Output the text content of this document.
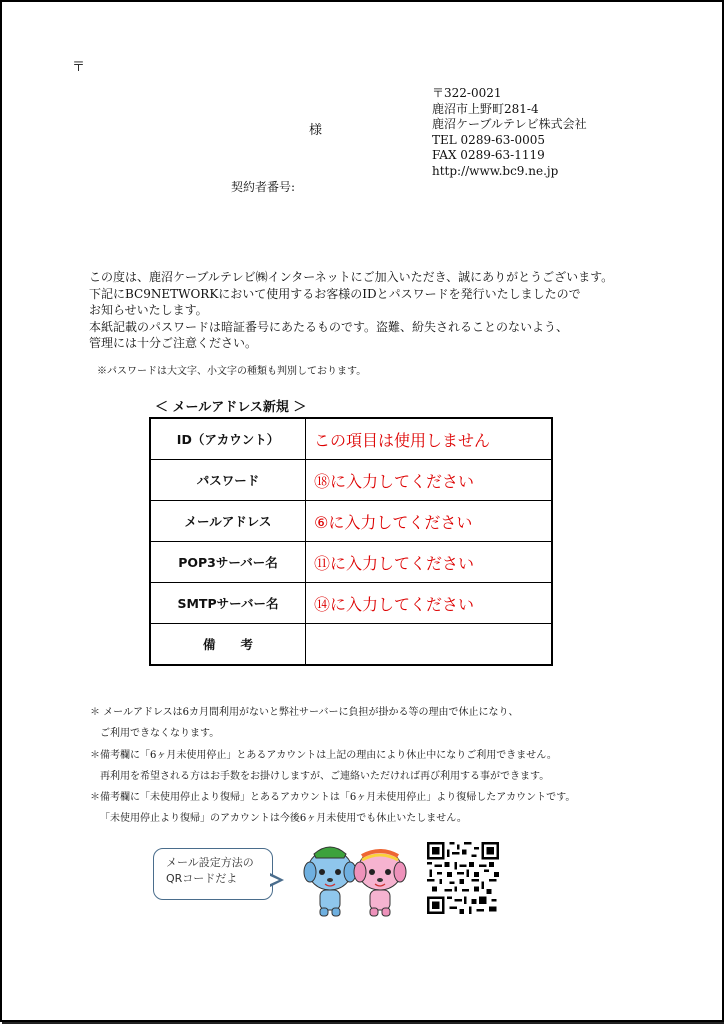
〒
〒322-0021
鹿沼市上野町281-4
鹿沼ケーブルテレビ株式会社
TEL 0289-63-0005
FAX 0289-63-1119
http://www.bc9.ne.jp
様
契約者番号:
この度は、鹿沼ケーブルテレビ㈱インターネットにご加入いただき、誠にありがとうございます。
下記にBC9NETWORKにおいて使用するお客様のIDとパスワードを発行いたしましたので
お知らせいたします。
本紙記載のパスワードは暗証番号にあたるものです。盗難、紛失されることのないよう、
管理には十分ご注意ください。
※パスワードは大文字、小文字の種類も判別しております。
＜ メールアドレス新規 ＞
ID（アカウント）	この項目は使用しません
パスワード	⑱に入力してください
メールアドレス	⑥に入力してください
POP3サーバー名	⑪に入力してください
SMTPサーバー名	⑭に入力してください
備　　考	
＊ メールアドレスは6カ月間利用がないと弊社サーバーに負担が掛かる等の理由で休止になり、
ご利用できなくなります。
＊備考欄に「6ヶ月未使用停止」とあるアカウントは上記の理由により休止中になりご利用できません。
再利用を希望される方はお手数をお掛けしますが、ご連絡いただければ再び利用する事ができます。
＊備考欄に「未使用停止より復帰」とあるアカウントは「6ヶ月未使用停止」より復帰したアカウントです。
「未使用停止より復帰」のアカウントは今後6ヶ月未使用でも休止いたしません。
メール設定方法の
QRコードだよ
